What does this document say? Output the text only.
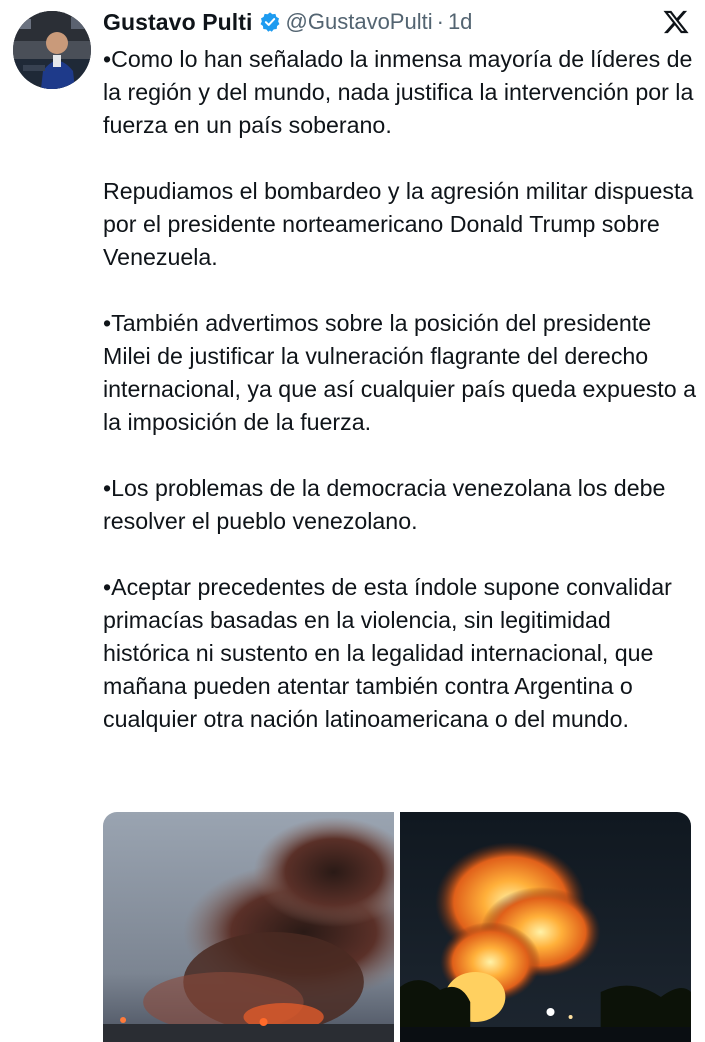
Gustavo Pulti @GustavoPulti · 1d

•Como lo han señalado la inmensa mayoría de líderes de la región y del mundo, nada justifica la intervención por la fuerza en un país soberano.

Repudiamos el bombardeo y la agresión militar dispuesta por el presidente norteamericano Donald Trump sobre Venezuela.

•También advertimos sobre la posición del presidente Milei de justificar la vulneración flagrante del derecho internacional, ya que así cualquier país queda expuesto a la imposición de la fuerza.

•Los problemas de la democracia venezolana los debe resolver el pueblo venezolano.

•Aceptar precedentes de esta índole supone convalidar primacías basadas en la violencia, sin legitimidad histórica ni sustento en la legalidad internacional, que mañana pueden atentar también contra Argentina o cualquier otra nación latinoamericana o del mundo.
